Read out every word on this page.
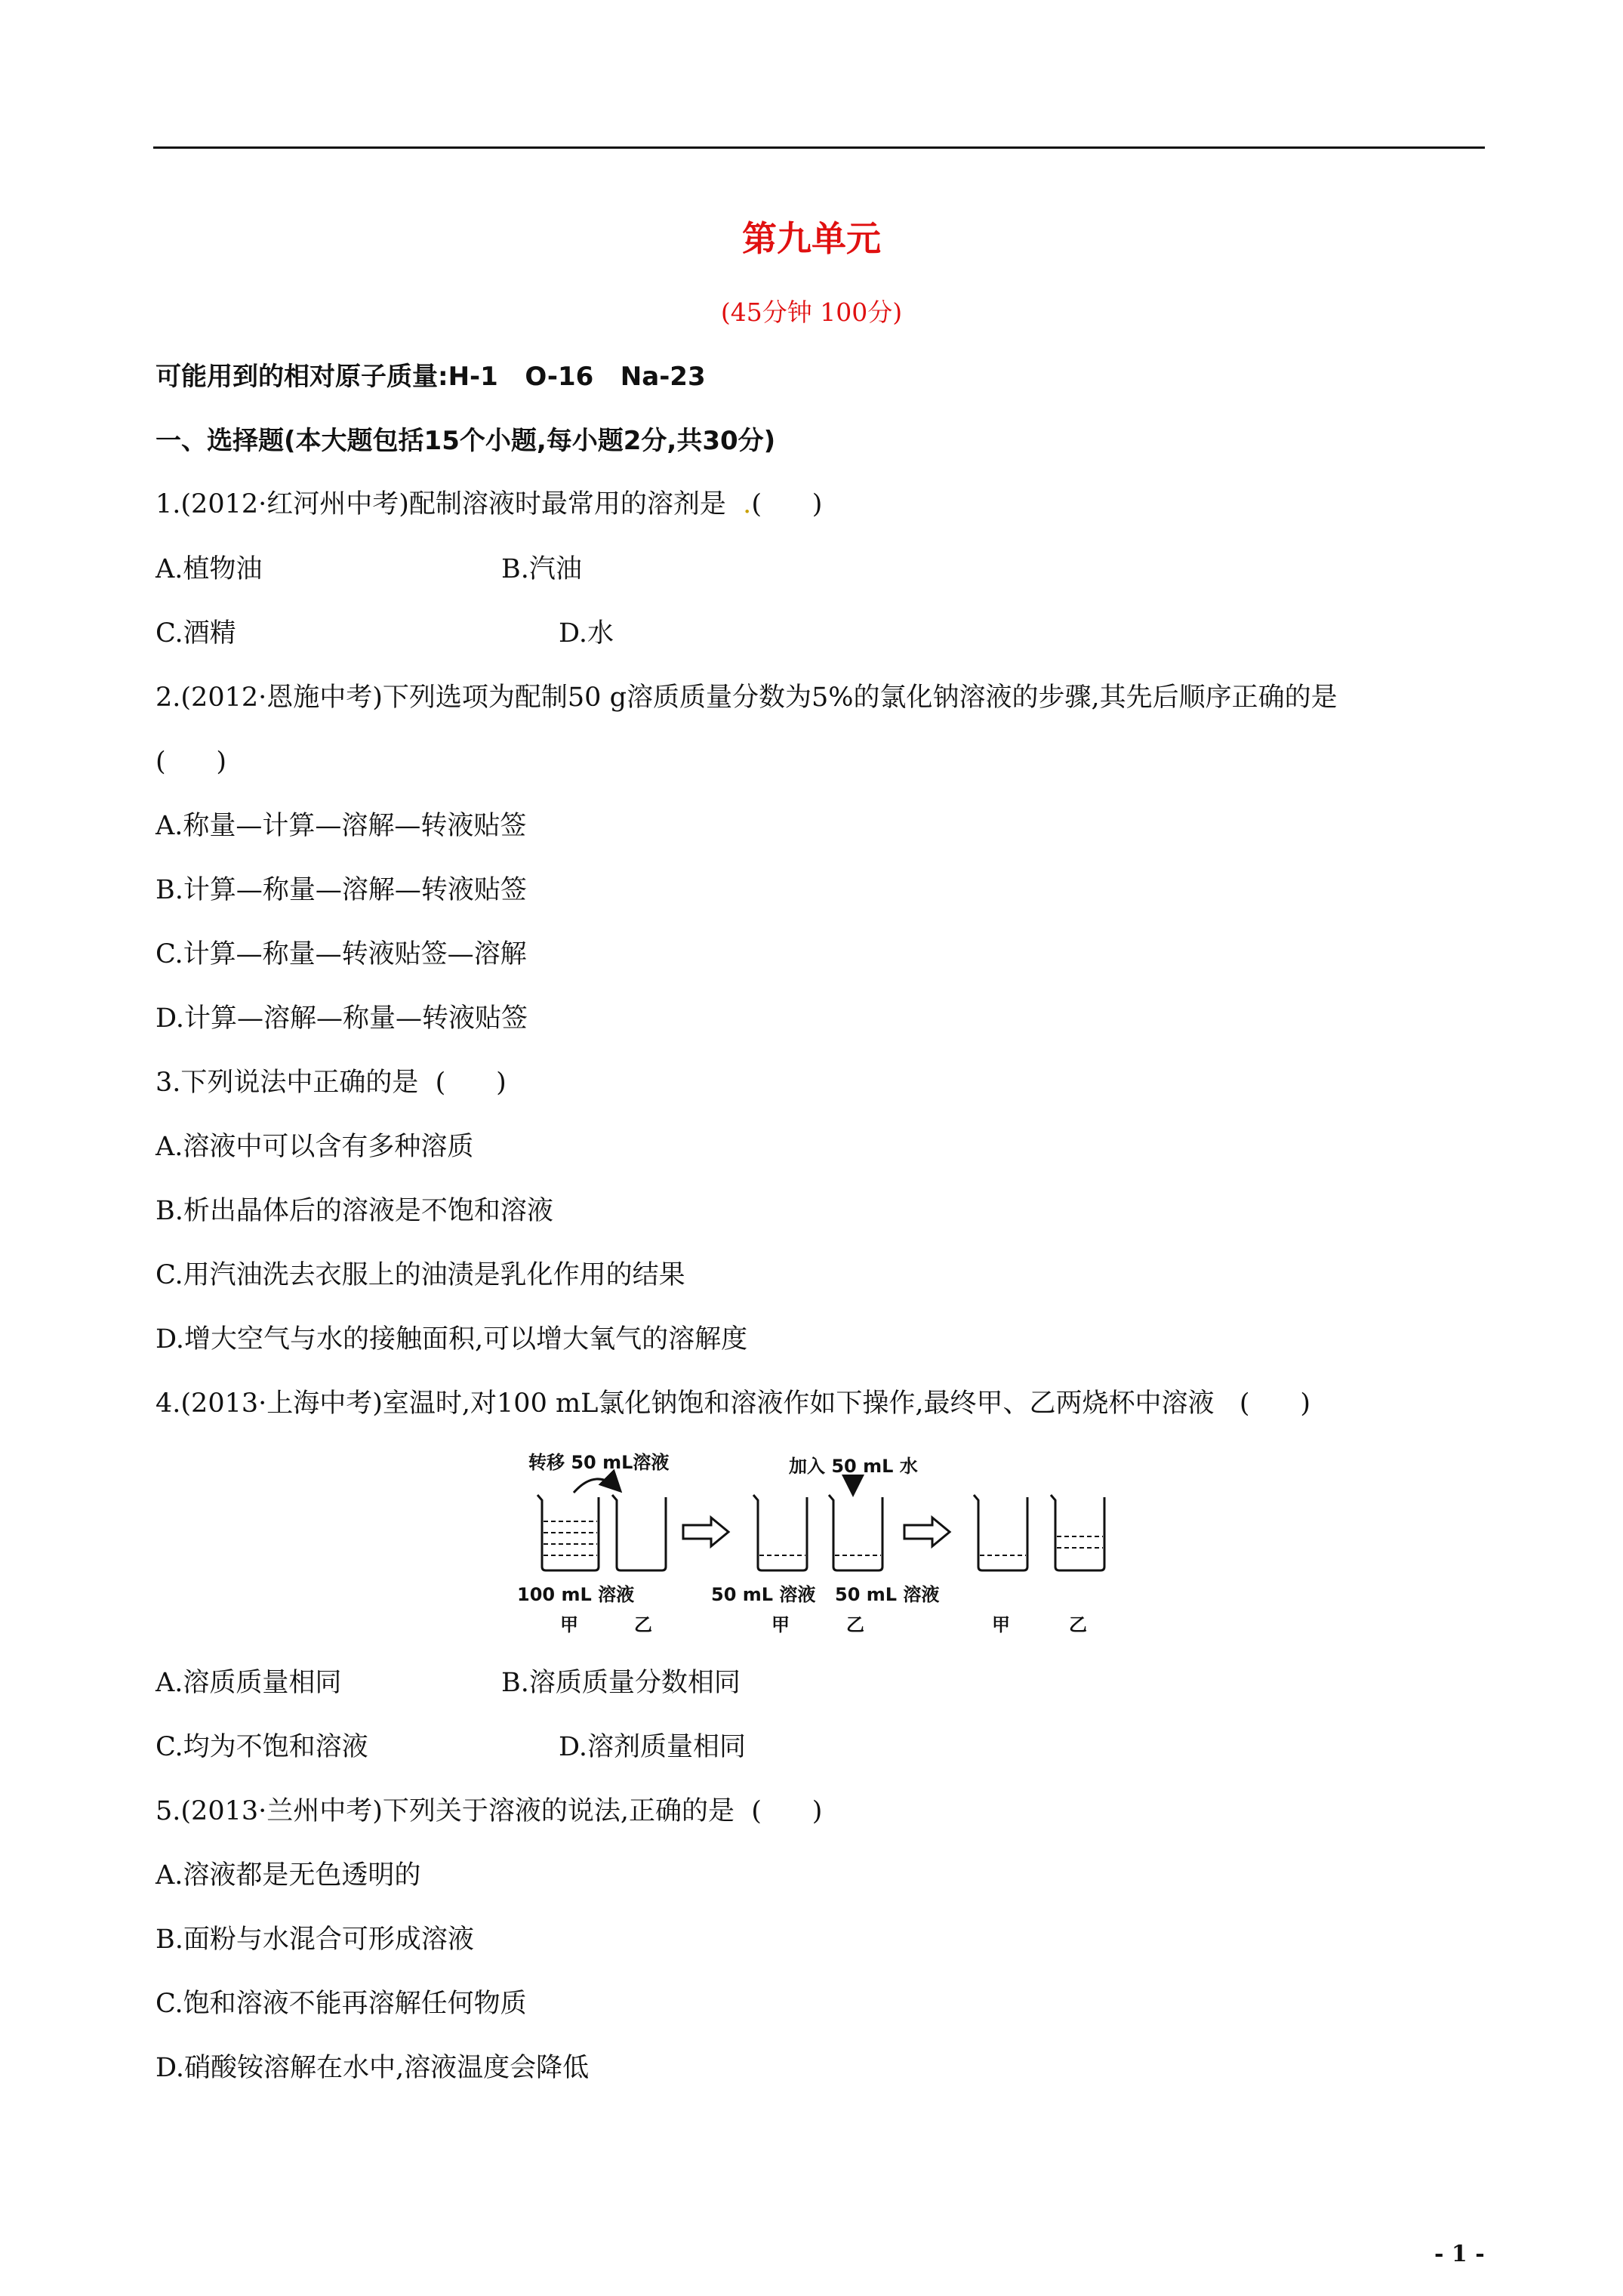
第九单元
(45分钟 100分)
可能用到的相对原子质量:H-1   O-16   Na-23
一、选择题(本大题包括15个小题,每小题2分,共30分)
1.(2012·红河州中考)配制溶液时最常用的溶剂是 .(      )
A.植物油	B.汽油
C.酒精	D.水
2.(2012·恩施中考)下列选项为配制50 g溶质质量分数为5%的氯化钠溶液的步骤,其先后顺序正确的是
(      )
A.称量—计算—溶解—转液贴签
B.计算—称量—溶解—转液贴签
C.计算—称量—转液贴签—溶解
D.计算—溶解—称量—转液贴签
3.下列说法中正确的是 (      )
A.溶液中可以含有多种溶质
B.析出晶体后的溶液是不饱和溶液
C.用汽油洗去衣服上的油渍是乳化作用的结果
D.增大空气与水的接触面积,可以增大氧气的溶解度
4.(2013·上海中考)室温时,对100 mL氯化钠饱和溶液作如下操作,最终甲、乙两烧杯中溶液 (      )
转移 50 mL溶液	加入 50 mL 水
100 mL 溶液	50 mL 溶液 50 mL 溶液
甲	乙	甲	乙	甲	乙
A.溶质质量相同	B.溶质质量分数相同
C.均为不饱和溶液	D.溶剂质量相同
5.(2013·兰州中考)下列关于溶液的说法,正确的是 (      )
A.溶液都是无色透明的
B.面粉与水混合可形成溶液
C.饱和溶液不能再溶解任何物质
D.硝酸铵溶解在水中,溶液温度会降低
- 1 -
